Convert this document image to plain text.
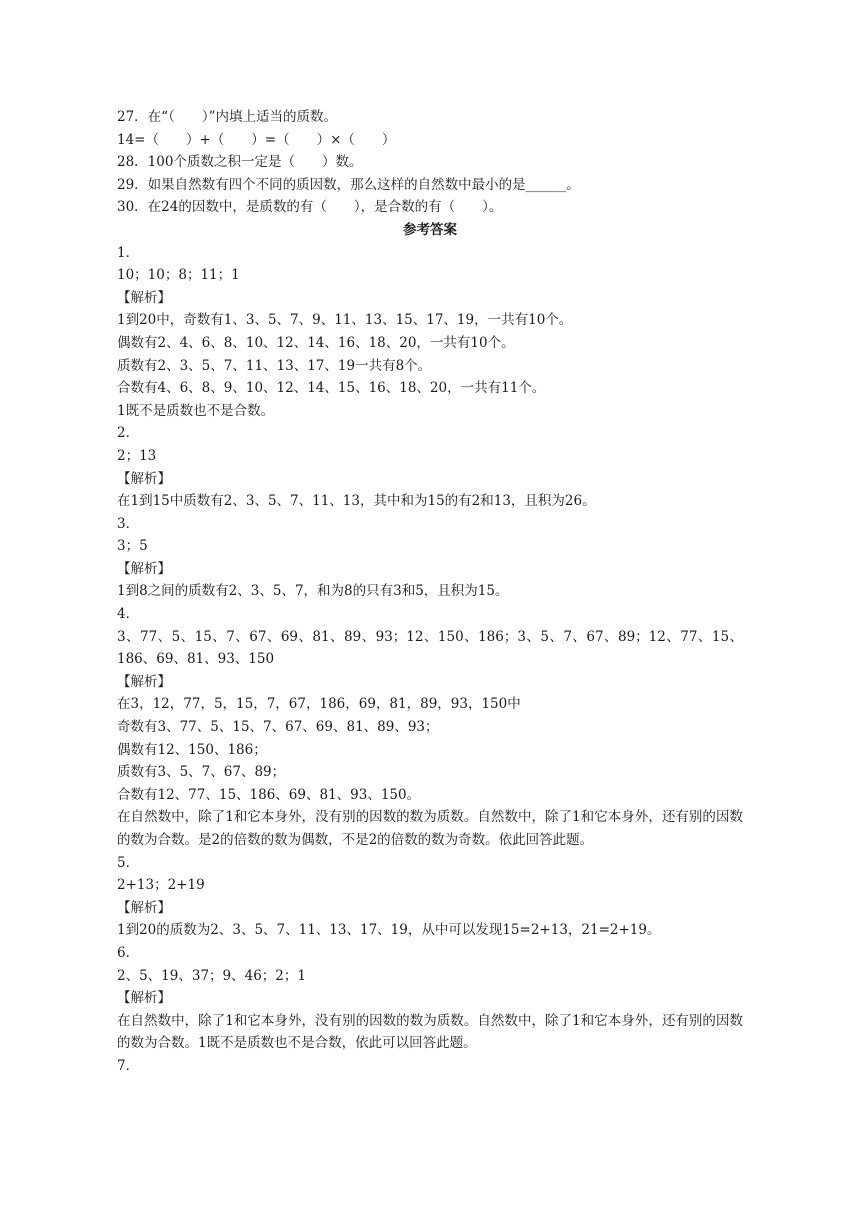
27．在“（　　）”内填上适当的质数。
14=（　　）+（　　）=（　　）×（　　）
28．100个质数之积一定是（　　）数。
29．如果自然数有四个不同的质因数，那么这样的自然数中最小的是______。
30．在24的因数中，是质数的有（　　），是合数的有（　　）。
参考答案
1．
10；10；8；11；1
【解析】
1到20中，奇数有1、3、5、7、9、11、13、15、17、19，一共有10个。
偶数有2、4、6、8、10、12、14、16、18、20，一共有10个。
质数有2、3、5、7、11、13、17、19一共有8个。
合数有4、6、8、9、10、12、14、15、16、18、20，一共有11个。
1既不是质数也不是合数。
2．
2；13
【解析】
在1到15中质数有2、3、5、7、11、13，其中和为15的有2和13，且积为26。
3．
3；5
【解析】
1到8之间的质数有2、3、5、7，和为8的只有3和5，且积为15。
4．
3、77、5、15、7、67、69、81、89、93；12、150、186；3、5、7、67、89；12、77、15、186、69、81、93、150
【解析】
在3，12，77，5，15，7，67，186，69，81，89，93，150中
奇数有3、77、5、15、7、67、69、81、89、93；
偶数有12、150、186；
质数有3、5、7、67、89；
合数有12、77、15、186、69、81、93、150。
在自然数中，除了1和它本身外，没有别的因数的数为质数。自然数中，除了1和它本身外，还有别的因数的数为合数。是2的倍数的数为偶数，不是2的倍数的数为奇数。依此回答此题。
5．
2+13；2+19
【解析】
1到20的质数为2、3、5、7、11、13、17、19，从中可以发现15=2+13，21=2+19。
6．
2、5、19、37；9、46；2；1
【解析】
在自然数中，除了1和它本身外，没有别的因数的数为质数。自然数中，除了1和它本身外，还有别的因数的数为合数。1既不是质数也不是合数，依此可以回答此题。
7．
